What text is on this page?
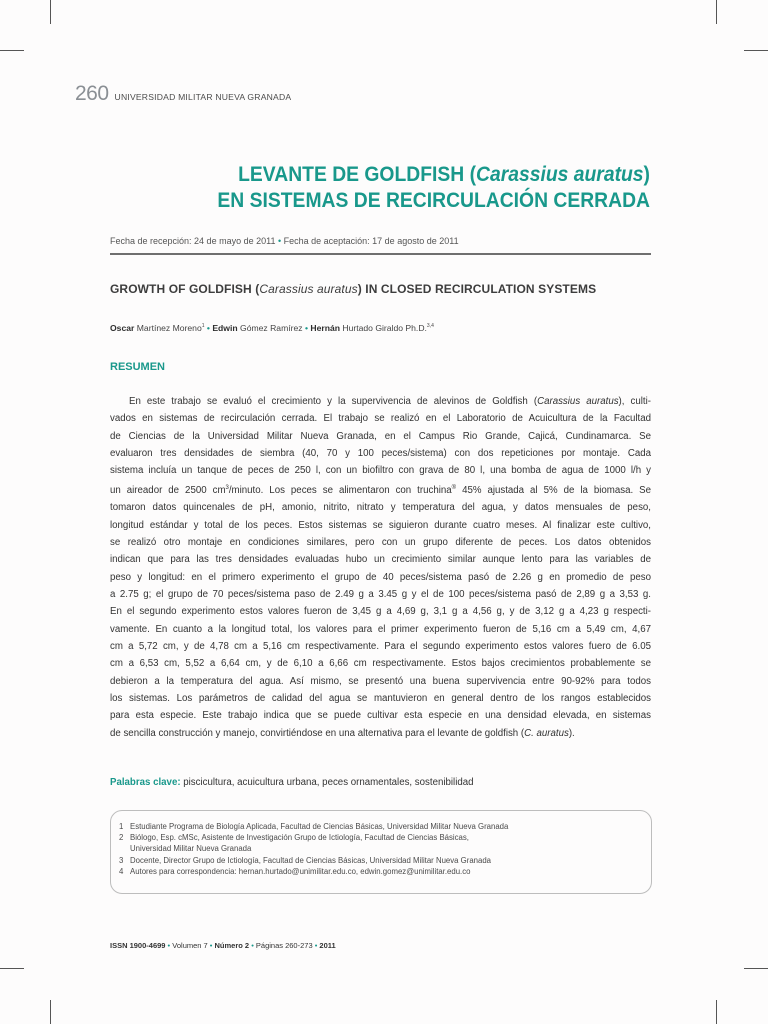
260 UNIVERSIDAD MILITAR NUEVA GRANADA
LEVANTE DE GOLDFISH (Carassius auratus)
EN SISTEMAS DE RECIRCULACIÓN CERRADA
Fecha de recepción: 24 de mayo de 2011 • Fecha de aceptación: 17 de agosto de 2011
GROWTH OF GOLDFISH (Carassius auratus) IN CLOSED RECIRCULATION SYSTEMS
Oscar Martínez Moreno$^1$ • Edwin Gómez Ramírez • Hernán Hurtado Giraldo Ph.D.$^{3,4}$
RESUMEN
En este trabajo se evaluó el crecimiento y la supervivencia de alevinos de Goldfish (Carassius auratus), culti-
vados en sistemas de recirculación cerrada. El trabajo se realizó en el Laboratorio de Acuicultura de la Facultad
de Ciencias de la Universidad Militar Nueva Granada, en el Campus Rio Grande, Cajicá, Cundinamarca. Se
evaluaron tres densidades de siembra (40, 70 y 100 peces/sistema) con dos repeticiones por montaje. Cada
sistema incluía un tanque de peces de 250 l, con un biofiltro con grava de 80 l, una bomba de agua de 1000 l/h y
un aireador de 2500 $cm^3$/minuto. Los peces se alimentaron con truchina® 45% ajustada al 5% de la biomasa. Se
tomaron datos quincenales de pH, amonio, nitrito, nitrato y temperatura del agua, y datos mensuales de peso,
longitud estándar y total de los peces. Estos sistemas se siguieron durante cuatro meses. Al finalizar este cultivo,
se realizó otro montaje en condiciones similares, pero con un grupo diferente de peces. Los datos obtenidos
indican que para las tres densidades evaluadas hubo un crecimiento similar aunque lento para las variables de
peso y longitud: en el primero experimento el grupo de 40 peces/sistema pasó de 2.26 g en promedio de peso
a 2.75 g; el grupo de 70 peces/sistema paso de 2.49 g a 3.45 g y el de 100 peces/sistema pasó de 2,89 g a 3,53 g.
En el segundo experimento estos valores fueron de 3,45 g a 4,69 g, 3,1 g a 4,56 g, y de 3,12 g a 4,23 g respecti-
vamente. En cuanto a la longitud total, los valores para el primer experimento fueron de 5,16 cm a 5,49 cm, 4,67
cm a 5,72 cm, y de 4,78 cm a 5,16 cm respectivamente. Para el segundo experimento estos valores fuero de 6.05
cm a 6,53 cm, 5,52 a 6,64 cm, y de 6,10 a 6,66 cm respectivamente. Estos bajos crecimientos probablemente se
debieron a la temperatura del agua. Así mismo, se presentó una buena supervivencia entre 90-92% para todos
los sistemas. Los parámetros de calidad del agua se mantuvieron en general dentro de los rangos establecidos
para esta especie. Este trabajo indica que se puede cultivar esta especie en una densidad elevada, en sistemas
de sencilla construcción y manejo, convirtiéndose en una alternativa para el levante de goldfish (C. auratus).
Palabras clave: piscicultura, acuicultura urbana, peces ornamentales, sostenibilidad
1 Estudiante Programa de Biología Aplicada, Facultad de Ciencias Básicas, Universidad Militar Nueva Granada
2 Biólogo, Esp. cMSc, Asistente de Investigación Grupo de Ictiología, Facultad de Ciencias Básicas,
Universidad Militar Nueva Granada
3 Docente, Director Grupo de Ictiología, Facultad de Ciencias Básicas, Universidad Militar Nueva Granada
4 Autores para correspondencia: hernan.hurtado@unimilitar.edu.co, edwin.gomez@unimilitar.edu.co
ISSN 1900-4699 • Volumen 7 • Número 2 • Páginas 260-273 • 2011
